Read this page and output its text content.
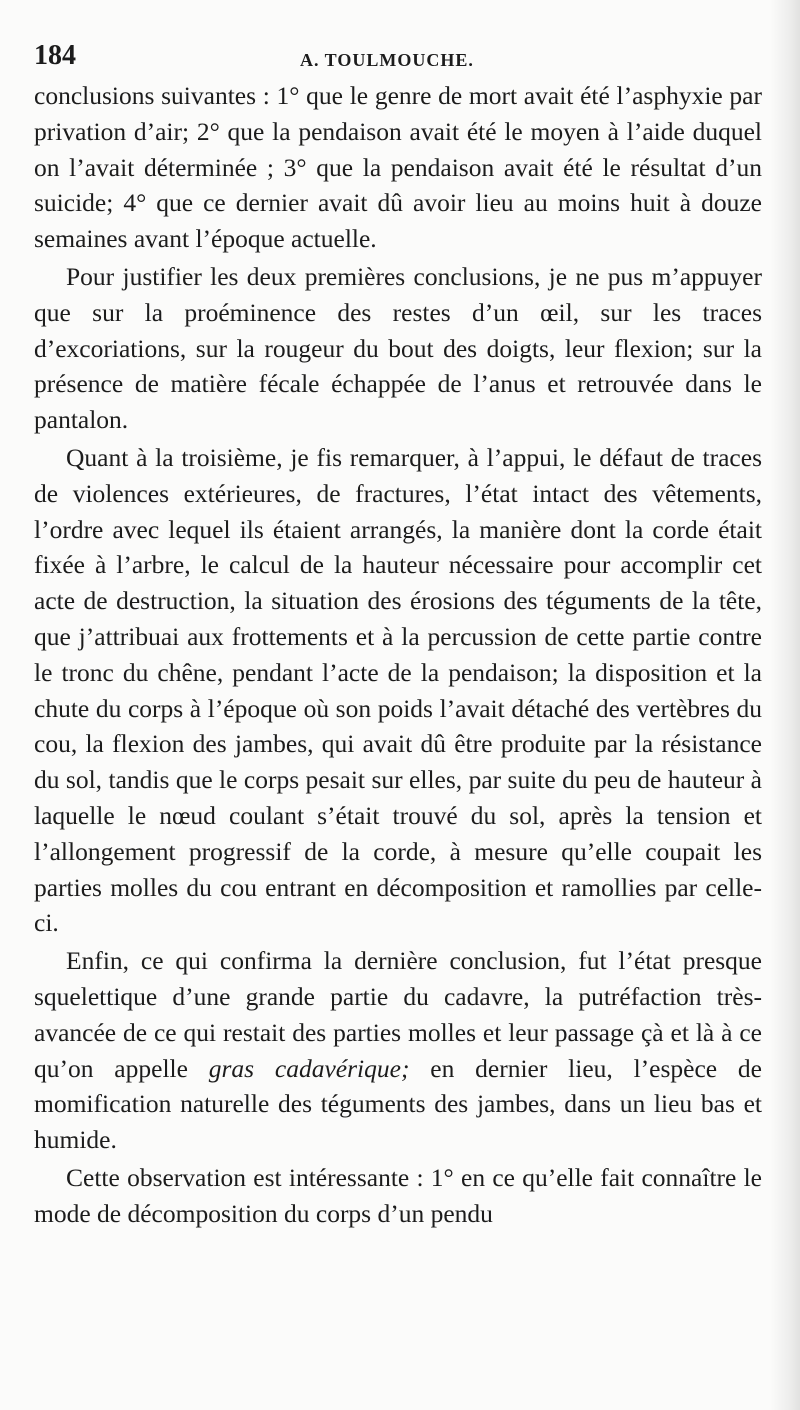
184	A. TOULMOUCHE.

conclusions suivantes : 1° que le genre de mort avait été l’asphyxie par privation d’air; 2° que la pendaison avait été le moyen à l’aide duquel on l’avait déterminée ; 3° que la pendaison avait été le résultat d’un suicide; 4° que ce dernier avait dû avoir lieu au moins huit à douze semaines avant l’époque actuelle.

Pour justifier les deux premières conclusions, je ne pus m’appuyer que sur la proéminence des restes d’un œil, sur les traces d’excoriations, sur la rougeur du bout des doigts, leur flexion; sur la présence de matière fécale échappée de l’anus et retrouvée dans le pantalon.

Quant à la troisième, je fis remarquer, à l’appui, le défaut de traces de violences extérieures, de fractures, l’état intact des vêtements, l’ordre avec lequel ils étaient arrangés, la manière dont la corde était fixée à l’arbre, le calcul de la hauteur nécessaire pour accomplir cet acte de destruction, la situation des érosions des téguments de la tête, que j’attribuai aux frottements et à la percussion de cette partie contre le tronc du chêne, pendant l’acte de la pendaison; la disposition et la chute du corps à l’époque où son poids l’avait détaché des vertèbres du cou, la flexion des jambes, qui avait dû être produite par la résistance du sol, tandis que le corps pesait sur elles, par suite du peu de hauteur à laquelle le nœud coulant s’était trouvé du sol, après la tension et l’allongement progressif de la corde, à mesure qu’elle coupait les parties molles du cou entrant en décomposition et ramollies par celle-ci.

Enfin, ce qui confirma la dernière conclusion, fut l’état presque squelettique d’une grande partie du cadavre, la putréfaction très-avancée de ce qui restait des parties molles et leur passage çà et là à ce qu’on appelle gras cadavérique; en dernier lieu, l’espèce de momification naturelle des téguments des jambes, dans un lieu bas et humide.

Cette observation est intéressante : 1° en ce qu’elle fait connaître le mode de décomposition du corps d’un pendu
